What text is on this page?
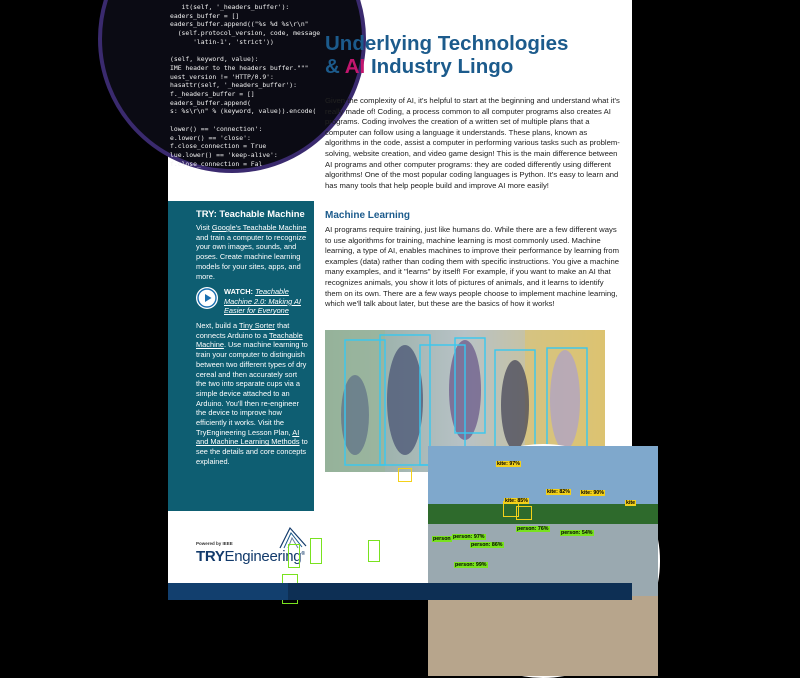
it(self, '_headers_buffer'):
eaders_buffer = []
eaders_buffer.append(("%s %d %s\r\n"
(self.protocol_version, code, message
'latin-1', 'strict'))

(self, keyword, value):
IME header to the headers buffer."""
uest_version != 'HTTP/0.9':
hasattr(self, '_headers_buffer'):
f._headers_buffer = []
eaders_buffer.append(
s: %s\r\n" % (keyword, value)).encode(

lower() == 'connection':
e.lower() == 'close':
f.close_connection = True
lue.lower() == 'keep-alive':
f.close_connection = Fal
Underlying Technologies
& AI Industry Lingo
Given the complexity of AI, it's helpful to start at the beginning and understand what it's really made of! Coding, a process common to all computer programs also creates AI programs. Coding involves the creation of a written set of multiple plans that a computer can follow using a language it understands. These plans, known as algorithms in the code, assist a computer in performing various tasks such as problem-solving, website creation, and video game design! This is the main difference between AI programs and other computer programs: they are coded differently using different algorithms! One of the most popular coding languages is Python. It's easy to learn and has many tools that help people build and improve AI more easily!
Machine Learning
AI programs require training, just like humans do. While there are a few different ways to use algorithms for training, machine learning is most commonly used. Machine learning, a type of AI, enables machines to improve their performance by learning from examples (data) rather than coding them with specific instructions. You give a machine many examples, and it "learns" by itself! For example, if you want to make an AI that recognizes animals, you show it lots of pictures of animals, and it learns to identify them on its own. There are a few ways people choose to implement machine learning, which we'll talk about later, but these are the basics of how it works!
TRY: Teachable Machine
Visit Google's Teachable Machine and train a computer to recognize your own images, sounds, and poses. Create machine learning models for your sites, apps, and more.
WATCH: Teachable Machine 2.0: Making AI Easier for Everyone
Next, build a Tiny Sorter that connects Arduino to a Teachable Machine. Use machine learning to train your computer to distinguish between two different types of dry cereal and then accurately sort the two into separate cups via a simple device attached to an Arduino. You'll then re-engineer the device to improve how efficiently it works. Visit the TryEngineering Lesson Plan, AI and Machine Learning Methods to see the details and core concepts explained.
Powered by IEEE
TRYEngineering®
kite: 97%
kite: 85%
kite: 82% kite: 90%
kite
person: 76%
person: 54%
person: 97%
person: 86%
person: 99%
person
